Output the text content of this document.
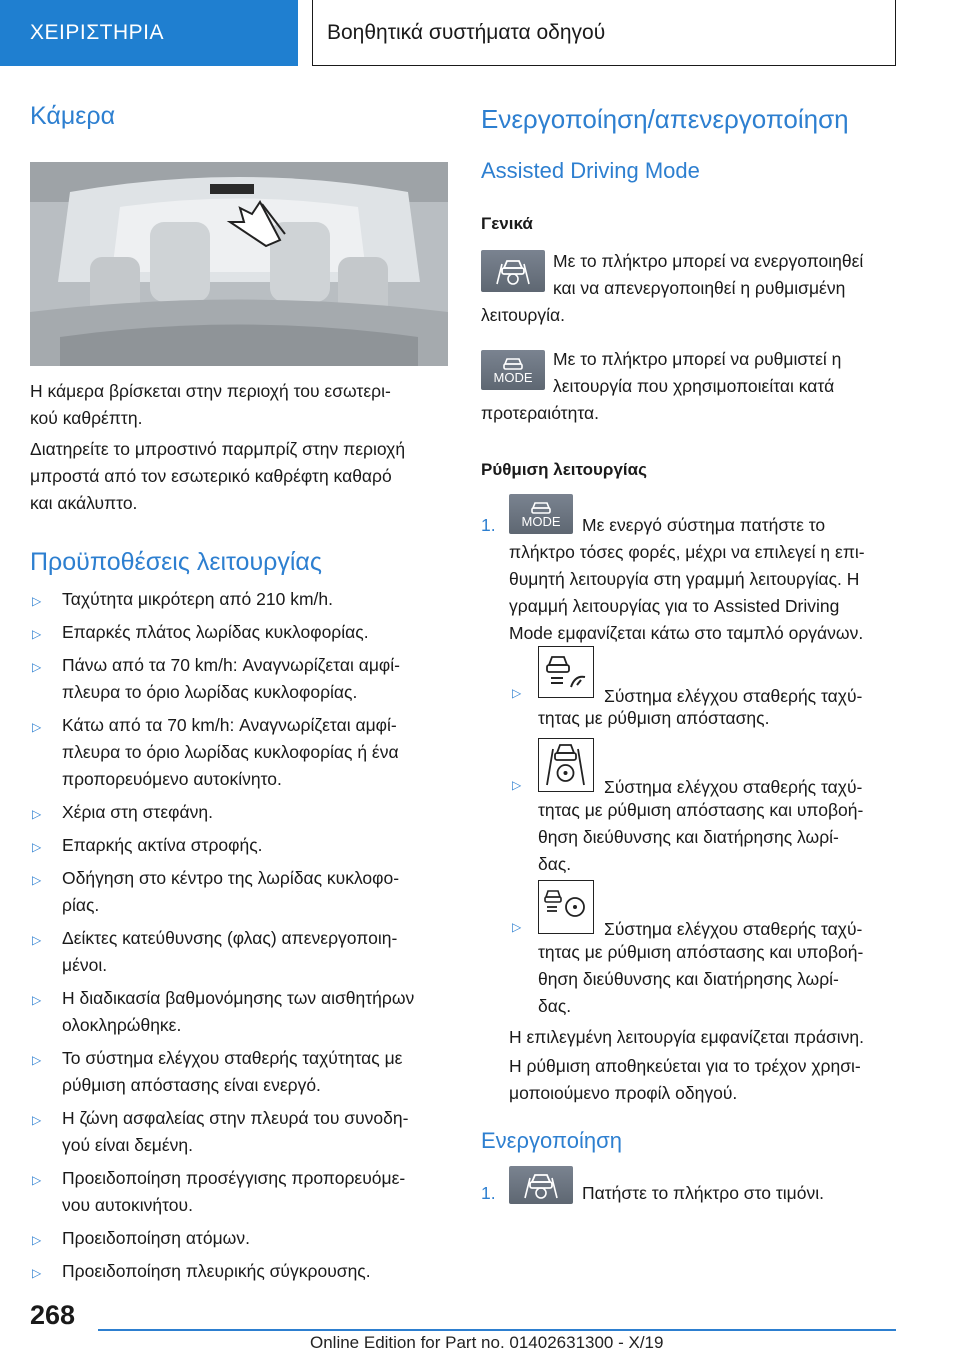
ΧΕΙΡΙΣΤΗΡΙΑ	Βοηθητικά συστήματα οδηγού
Κάμερα
Η κάμερα βρίσκεται στην περιοχή του εσωτερι-
κού καθρέπτη.
Διατηρείτε το μπροστινό παρμπρίζ στην περιοχή
μπροστά από τον εσωτερικό καθρέφτη καθαρό
και ακάλυπτο.
Προϋποθέσεις λειτουργίας
▷ Ταχύτητα μικρότερη από 210 km/h.
▷ Επαρκές πλάτος λωρίδας κυκλοφορίας.
▷ Πάνω από τα 70 km/h: Αναγνωρίζεται αμφί-
πλευρα το όριο λωρίδας κυκλοφορίας.
▷ Κάτω από τα 70 km/h: Αναγνωρίζεται αμφί-
πλευρα το όριο λωρίδας κυκλοφορίας ή ένα
προπορευόμενο αυτοκίνητο.
▷ Χέρια στη στεφάνη.
▷ Επαρκής ακτίνα στροφής.
▷ Οδήγηση στο κέντρο της λωρίδας κυκλοφο-
ρίας.
▷ Δείκτες κατεύθυνσης (φλας) απενεργοποιη-
μένοι.
▷ Η διαδικασία βαθμονόμησης των αισθητήρων
ολοκληρώθηκε.
▷ Το σύστημα ελέγχου σταθερής ταχύτητας με
ρύθμιση απόστασης είναι ενεργό.
▷ Η ζώνη ασφαλείας στην πλευρά του συνοδη-
γού είναι δεμένη.
▷ Προειδοποίηση προσέγγισης προπορευόμε-
νου αυτοκινήτου.
▷ Προειδοποίηση ατόμων.
▷ Προειδοποίηση πλευρικής σύγκρουσης.
Ενεργοποίηση/απενεργοποίηση
Assisted Driving Mode
Γενικά
Με το πλήκτρο μπορεί να ενεργοποιηθεί
και να απενεργοποιηθεί η ρυθμισμένη
λειτουργία.
MODE
Με το πλήκτρο μπορεί να ρυθμιστεί η
λειτουργία που χρησιμοποιείται κατά
προτεραιότητα.
Ρύθμιση λειτουργίας
1. MODE Με ενεργό σύστημα πατήστε το
πλήκτρο τόσες φορές, μέχρι να επιλεγεί η επι-
θυμητή λειτουργία στη γραμμή λειτουργίας. Η
γραμμή λειτουργίας για το Assisted Driving
Mode εμφανίζεται κάτω στο ταμπλό οργάνων.
▷	Σύστημα ελέγχου σταθερής ταχύ-
τητας με ρύθμιση απόστασης.
▷	Σύστημα ελέγχου σταθερής ταχύ-
τητας με ρύθμιση απόστασης και υποβοή-
θηση διεύθυνσης και διατήρησης λωρί-
δας.
▷	Σύστημα ελέγχου σταθερής ταχύ-
τητας με ρύθμιση απόστασης και υποβοή-
θηση διεύθυνσης και διατήρησης λωρί-
δας.
Η επιλεγμένη λειτουργία εμφανίζεται πράσινη.
Η ρύθμιση αποθηκεύεται για το τρέχον χρησι-
μοποιούμενο προφίλ οδηγού.
Ενεργοποίηση
1.	Πατήστε το πλήκτρο στο τιμόνι.
268
Online Edition for Part no. 01402631300 - X/19
